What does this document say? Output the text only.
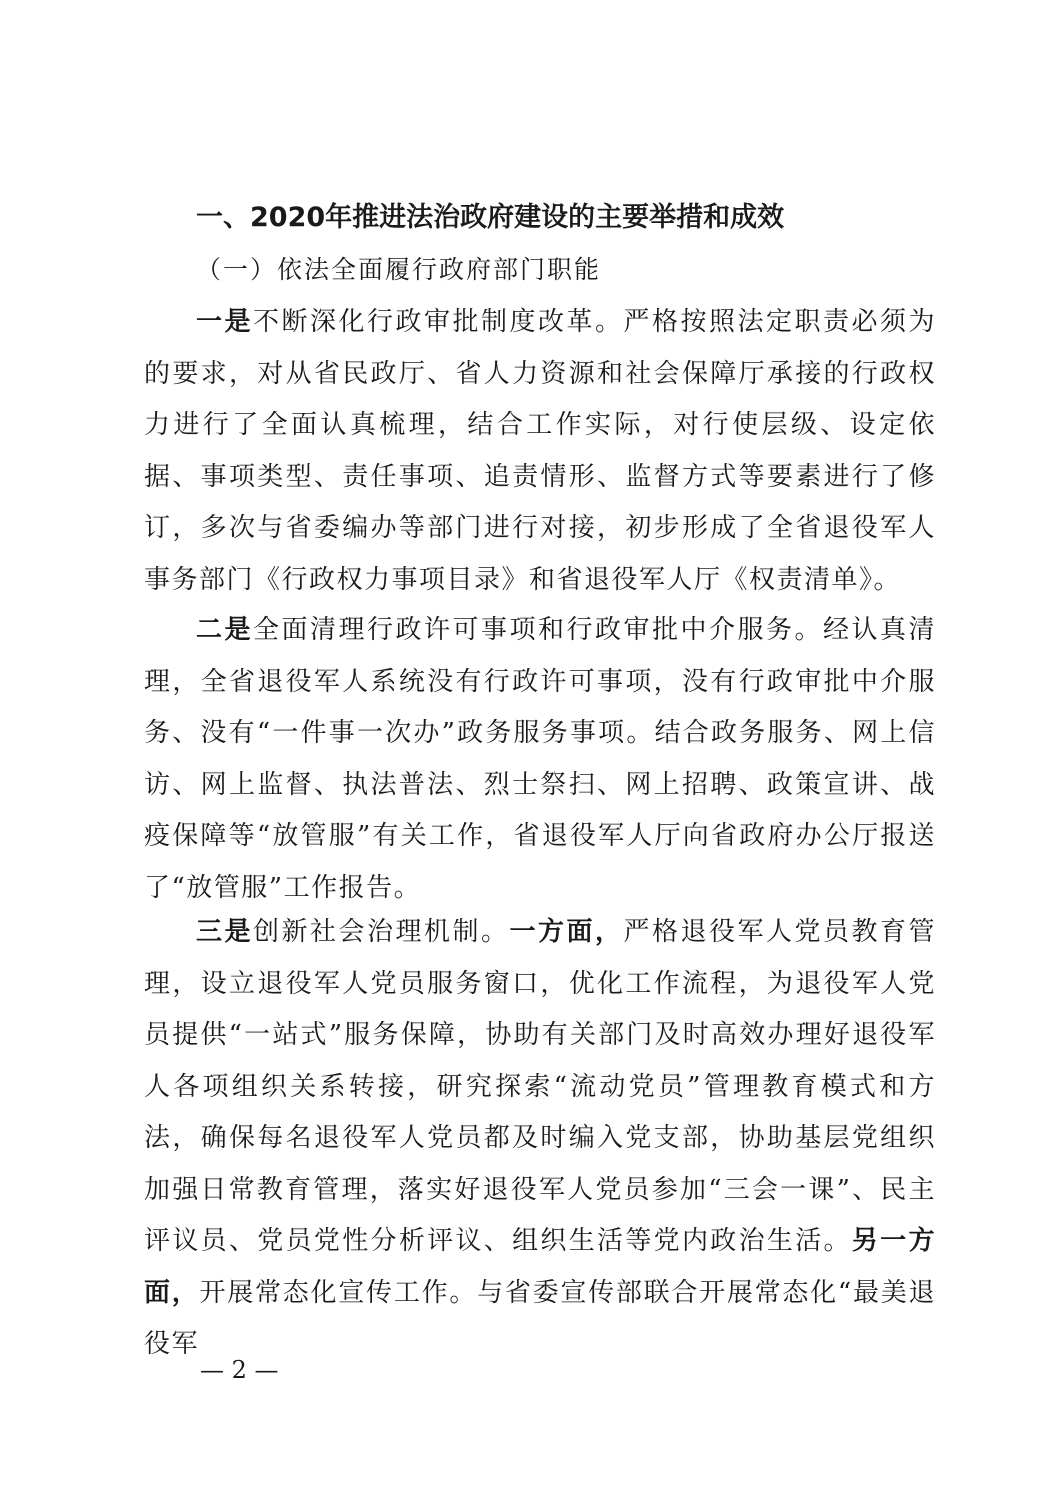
一、2020年推进法治政府建设的主要举措和成效
（一）依法全面履行政府部门职能

一是不断深化行政审批制度改革。严格按照法定职责必须为的要求，对从省民政厅、省人力资源和社会保障厅承接的行政权力进行了全面认真梳理，结合工作实际，对行使层级、设定依据、事项类型、责任事项、追责情形、监督方式等要素进行了修订，多次与省委编办等部门进行对接，初步形成了全省退役军人事务部门《行政权力事项目录》和省退役军人厅《权责清单》。

二是全面清理行政许可事项和行政审批中介服务。经认真清理，全省退役军人系统没有行政许可事项，没有行政审批中介服务、没有“一件事一次办”政务服务事项。结合政务服务、网上信访、网上监督、执法普法、烈士祭扫、网上招聘、政策宣讲、战疫保障等“放管服”有关工作，省退役军人厅向省政府办公厅报送了“放管服”工作报告。

三是创新社会治理机制。一方面，严格退役军人党员教育管理，设立退役军人党员服务窗口，优化工作流程，为退役军人党员提供“一站式”服务保障，协助有关部门及时高效办理好退役军人各项组织关系转接，研究探索“流动党员”管理教育模式和方法，确保每名退役军人党员都及时编入党支部，协助基层党组织加强日常教育管理，落实好退役军人党员参加“三会一课”、民主评议员、党员党性分析评议、组织生活等党内政治生活。另一方面，开展常态化宣传工作。与省委宣传部联合开展常态化“最美退役军

— 2 —
